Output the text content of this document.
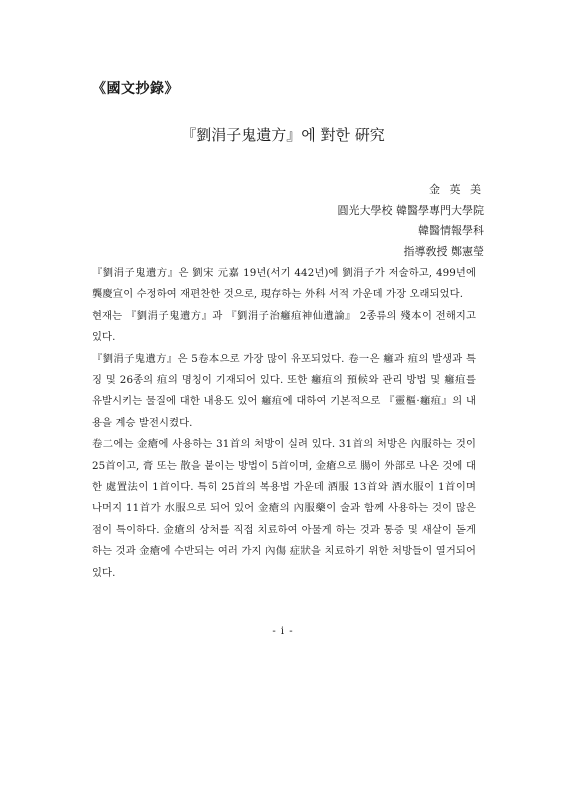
《國文抄錄》
『劉涓子鬼遺方』에 對한 硏究
金 英 美
圓光大學校 韓醫學專門大學院
韓醫情報學科
指導敎授 鄭憲瑩

『劉涓子鬼遺方』은 劉宋 元嘉 19년(서기 442년)에 劉涓子가 저술하고, 499년에 龔慶宣이 수정하여 재편찬한 것으로, 現存하는 外科 서적 가운데 가장 오래되었다.

현재는 『劉涓子鬼遺方』과 『劉涓子治癰疽神仙遺論』 2종류의 殘本이 전해지고 있다.

『劉涓子鬼遺方』은 5卷本으로 가장 많이 유포되었다. 卷一은 癰과 疽의 발생과 특징 및 26종의 疽의 명칭이 기재되어 있다. 또한 癰疽의 預候와 관리 방법 및 癰疽를 유발시키는 물질에 대한 내용도 있어 癰疽에 대하여 기본적으로 『靈樞·癰疽』의 내용을 계승 발전시켰다.

卷二에는 金瘡에 사용하는 31首의 처방이 실려 있다. 31首의 처방은 內服하는 것이 25首이고, 膏 또는 散을 붙이는 방법이 5首이며, 金瘡으로 腸이 外部로 나온 것에 대한 處置法이 1首이다. 특히 25首의 복용법 가운데 酒服 13首와 酒水服이 1首이며 나머지 11首가 水服으로 되어 있어 金瘡의 內服藥이 술과 함께 사용하는 것이 많은 점이 특이하다. 金瘡의 상처를 직접 치료하여 아물게 하는 것과 통증 및 새살이 돋게 하는 것과 金瘡에 수반되는 여러 가지 內傷 症狀을 치료하기 위한 처방들이 열거되어 있다.

- i -
